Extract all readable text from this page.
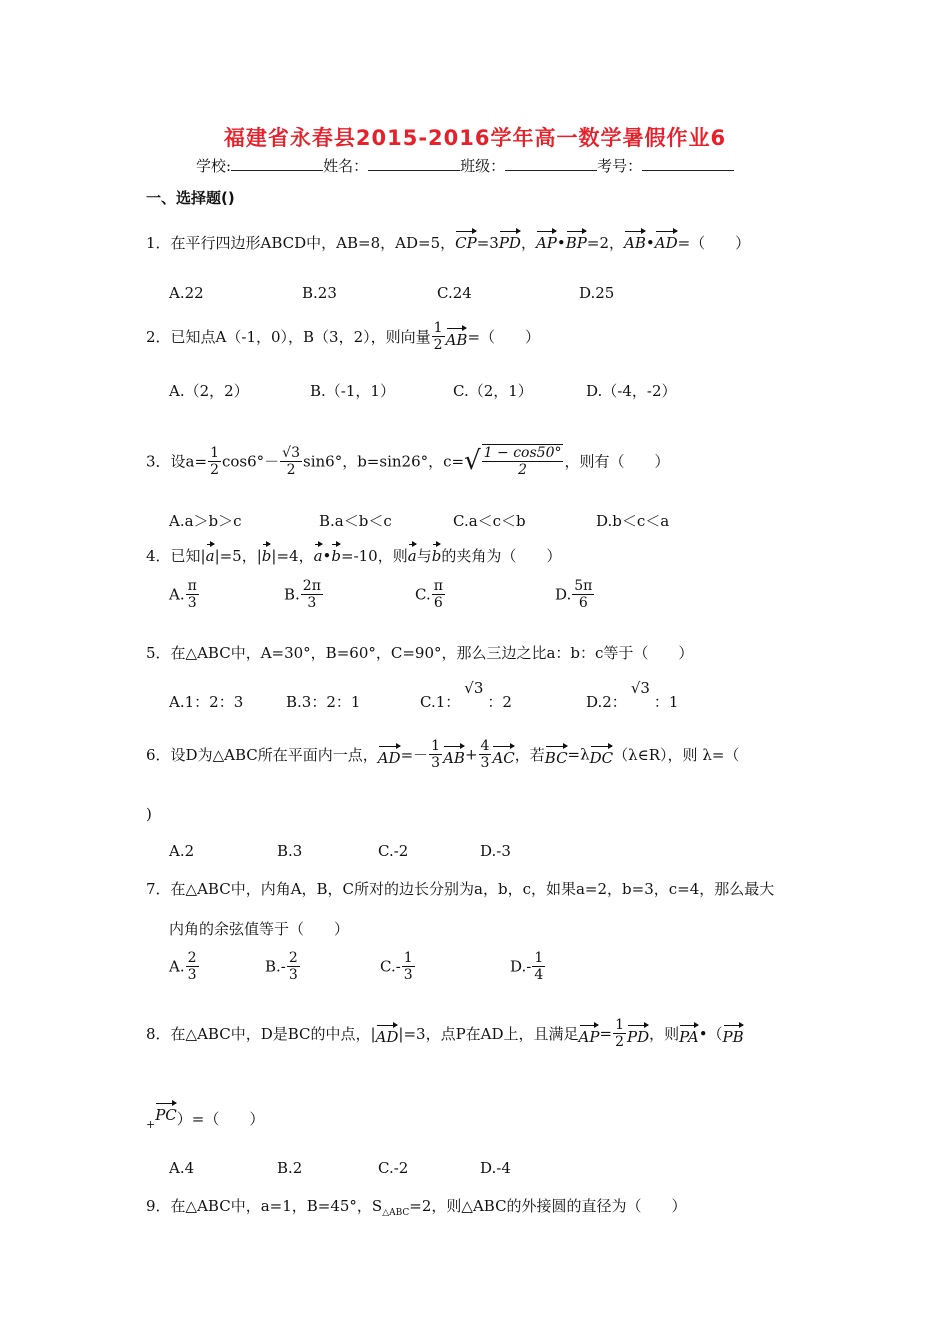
福建省永春县2015-2016学年高一数学暑假作业6
学校:	姓名：	班级：	考号：
一、选择题()
1．在平行四边形ABCD中，AB=8，AD=5，CP=3PD，AP•BP=2，AB•AD=（　　）
A.22	B.23	C.24	D.25
2．已知点A（-1，0），B（3，2），则向量 $\frac{1}{2} AB=$（　　）
A.（2，2）	B.（-1，1）	C.（2，1）	D.（-4，-2）
3．设$a= \frac{1}{2} \cos 6^\circ- \frac{√3}{2} \sin 6^\circ$，b=sin26°，$c=√ \frac{1 - \cos 50^\circ}{2}$ ，则有（　　）
A.a＞b＞c	B.a＜b＜c	C.a＜c＜b	D.b＜c＜a
4．已知|a|=5，|b|=4，a•b=-10，则a与b的夹角为（　　）
A. $\frac{\pi}{3}$	B. $\frac{2\pi}{3}$	C. $\frac{\pi}{6}$	D. $\frac{5\pi}{6}$
5．在△ABC中，A=30°，B=60°，C=90°，那么三边之比a：b：c等于（　　）
A.1：2：3	B.3：2：1	C.1：√3：2	D.2：√3：1
6．设D为△ABC所在平面内一点，$AD=- \frac{1}{3} AB+ \frac{4}{3}$ AC，若BC=λDC（λ∈R），则 λ=（
)
A.2	B.3	C.-2	D.-3
7．在△ABC中，内角A，B，C所对的边长分别为a，b，c，如果a=2，b=3，c=4，那么最大
内角的余弦值等于（　　）
A. $\frac{2}{3}$	$B.- \frac{2}{3}$	$C.- \frac{1}{3}$	$D.- \frac{1}{4}$
8．在△ABC中，D是BC的中点，|AD|=3，点P在AD上，且满足$AP= \frac{1}{2}$ PD，则PA•（PB
$_+$PC）=（　　）
A.4	B.2	C.-2	D.-4
9．在△ABC中，a=1，B=45°，$S_{\triangle ABC}=2$，则△ABC的外接圆的直径为（　　）
